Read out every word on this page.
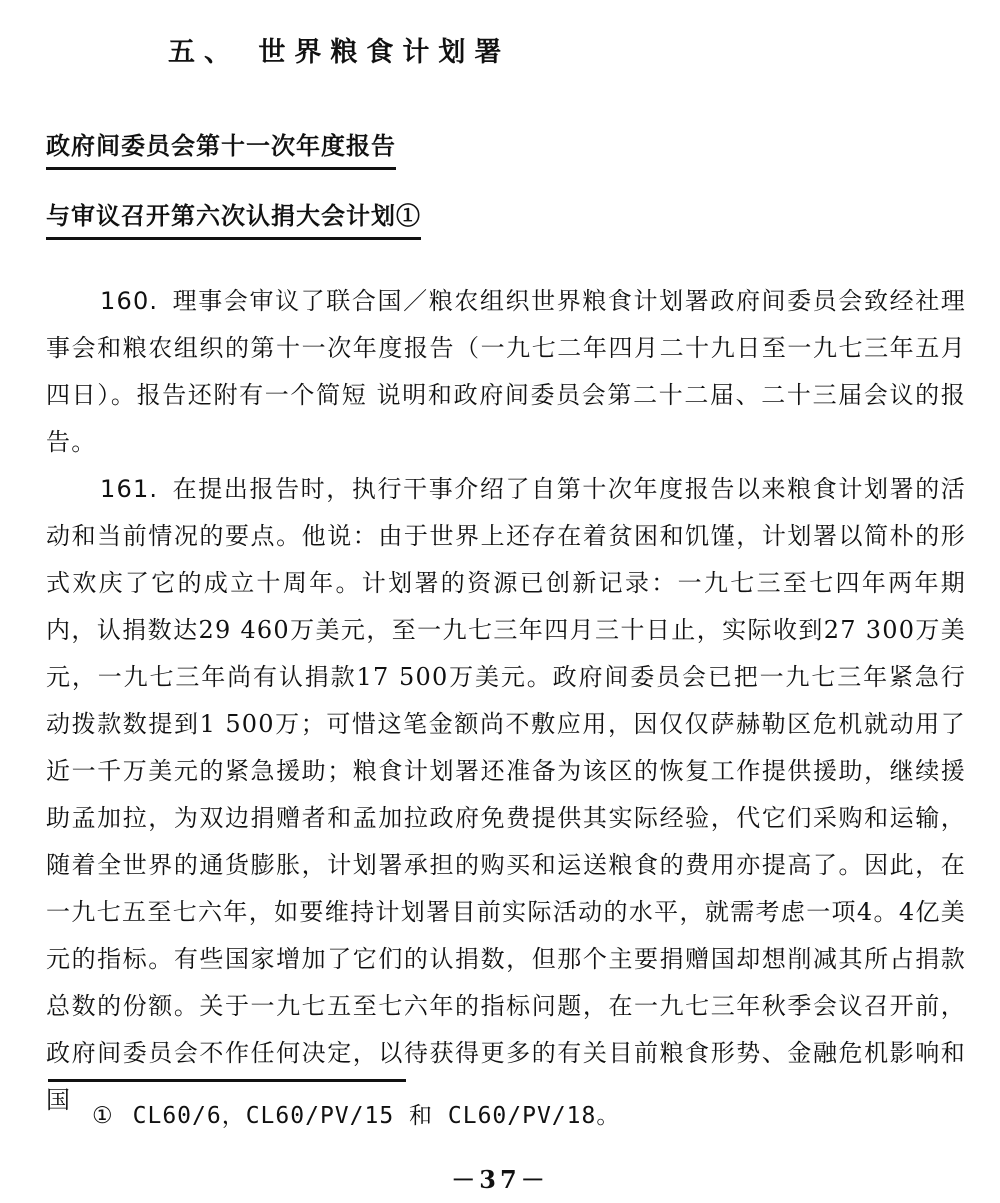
五、 世界粮食计划署
政府间委员会第十一次年度报告
与审议召开第六次认捐大会计划①

160. 理事会审议了联合国／粮农组织世界粮食计划署政府间委员会致经社理事会和粮农组织的第十一次年度报告（一九七二年四月二十九日至一九七三年五月四日）。报告还附有一个简短 说明和政府间委员会第二十二届、二十三届会议的报告。

161. 在提出报告时，执行干事介绍了自第十次年度报告以来粮食计划署的活动和当前情况的要点。他说：由于世界上还存在着贫困和饥馑，计划署以简朴的形式欢庆了它的成立十周年。计划署的资源已创新记录：一九七三至七四年两年期内，认捐数达29 460万美元，至一九七三年四月三十日止，实际收到27 300万美元，一九七三年尚有认捐款17 500万美元。政府间委员会已把一九七三年紧急行动拨款数提到1 500万；可惜这笔金额尚不敷应用，因仅仅萨赫勒区危机就动用了近一千万美元的紧急援助；粮食计划署还准备为该区的恢复工作提供援助，继续援助孟加拉，为双边捐赠者和孟加拉政府免费提供其实际经验，代它们采购和运输，随着全世界的通货膨胀，计划署承担的购买和运送粮食的费用亦提高了。因此，在一九七五至七六年，如要维持计划署目前实际活动的水平，就需考虑一项4。4亿美元的指标。有些国家增加了它们的认捐数，但那个主要捐赠国却想削减其所占捐款总数的份额。关于一九七五至七六年的指标问题，在一九七三年秋季会议召开前，政府间委员会不作任何决定，以待获得更多的有关目前粮食形势、金融危机影响和国

① CL60/6，CL60/PV/15 和 CL60/PV/18。

－37－
